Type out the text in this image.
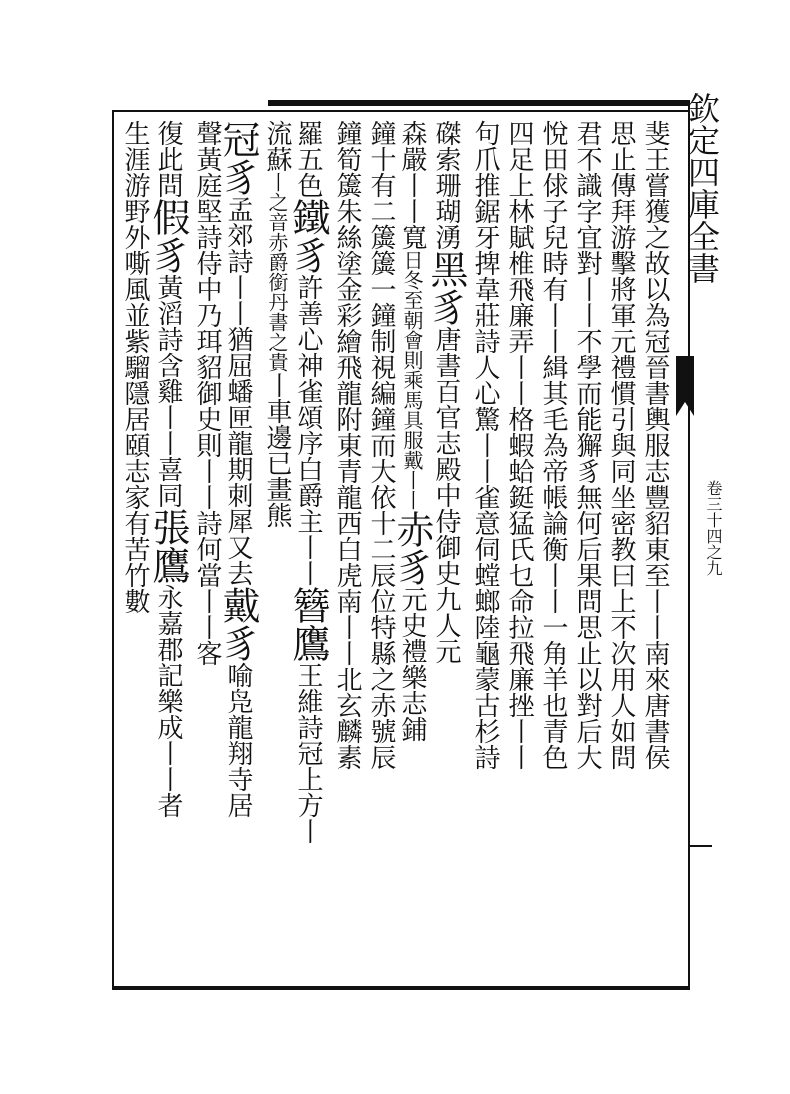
欽定四庫全書
卷三十四之九
斐王嘗獲之故以為冠晉書輿服志豐貂東至丨丨南來唐書侯
思止傳拜游擊將軍元禮慣引與同坐密教曰上不次用人如問
君不識字宜對丨丨不學而能獬豸無何后果問思止以對后大
悅田俅子兒時有丨丨緝其毛為帝帳論衡丨丨一角羊也青色
四足上林賦椎飛廉弄丨丨格蝦蛤鋌猛氏乜命拉飛廉挫丨丨
句爪推鋸牙捭韋莊詩人心驚丨丨雀意伺螳螂陸龜蒙古杉詩
磔索珊瑚湧黑豸唐書百官志殿中侍御史九人元
森嚴丨丨寬日冬至朝會則乘馬具服戴丨丨赤豸元史禮樂志鋪
鐘十有二簴簴一鐘制視編鐘而大依十二辰位特縣之赤號辰
鐘筍簴朱絲塗金彩繪飛龍附東青龍西白虎南丨丨北玄麟素
羅五色鐵豸許善心神雀頌序白爵主丨丨簪鷹王維詩冠上方丨
流蘇丨之音赤爵銜丹書之貴丨車邊已畫熊
冠豸孟郊詩丨丨猶屈蟠匣龍期刺犀又去戴豸喻凫龍翔寺居
聲黃庭堅詩侍中乃珥貂御史則丨丨詩何當丨丨客
復此問假豸黃滔詩含雞丨丨喜同張鷹永嘉郡記樂成丨丨者
生涯游野外嘶風並紫騮隱居頤志家有苦竹數
